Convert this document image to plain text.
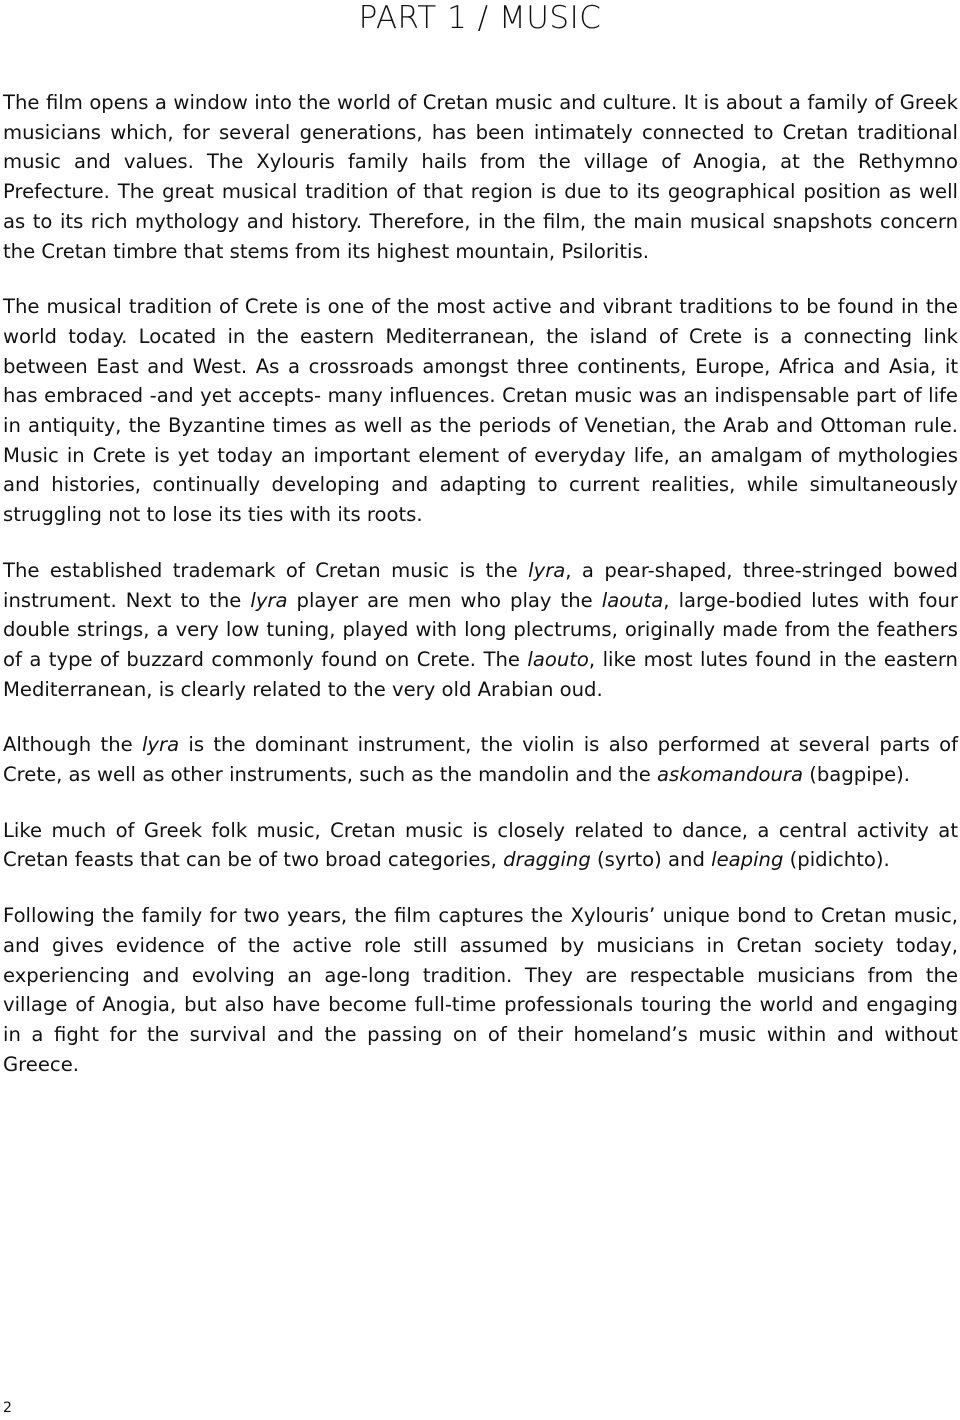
PART 1 / MUSIC

The film opens a window into the world of Cretan music and culture. It is about a family of Greek musicians which, for several generations, has been intimately connected to Cretan traditional music and values. The Xylouris family hails from the village of Anogia, at the Rethymno Prefecture. The great musical tradition of that region is due to its geographical position as well as to its rich mythology and history. Therefore, in the film, the main musical snapshots concern the Cretan timbre that stems from its highest mountain, Psiloritis.

The musical tradition of Crete is one of the most active and vibrant traditions to be found in the world today. Located in the eastern Mediterranean, the island of Crete is a connecting link between East and West. As a crossroads amongst three continents, Europe, Africa and Asia, it has embraced -and yet accepts- many influences. Cretan music was an indispensable part of life in antiquity, the Byzantine times as well as the periods of Venetian, the Arab and Ottoman rule. Music in Crete is yet today an important element of everyday life, an amalgam of mythologies and histories, continually developing and adapting to current realities, while simultaneously struggling not to lose its ties with its roots.

The established trademark of Cretan music is the lyra, a pear-shaped, three-stringed bowed instrument. Next to the lyra player are men who play the laouta, large-bodied lutes with four double strings, a very low tuning, played with long plectrums, originally made from the feathers of a type of buzzard commonly found on Crete. The laouto, like most lutes found in the eastern Mediterranean, is clearly related to the very old Arabian oud.

Although the lyra is the dominant instrument, the violin is also performed at several parts of Crete, as well as other instruments, such as the mandolin and the askomandoura (bagpipe).

Like much of Greek folk music, Cretan music is closely related to dance, a central activity at Cretan feasts that can be of two broad categories, dragging (syrto) and leaping (pidichto).

Following the family for two years, the film captures the Xylouris’ unique bond to Cretan music, and gives evidence of the active role still assumed by musicians in Cretan society today, experiencing and evolving an age-long tradition. They are respectable musicians from the village of Anogia, but also have become full-time professionals touring the world and engaging in a fight for the survival and the passing on of their homeland’s music within and without Greece.

2
